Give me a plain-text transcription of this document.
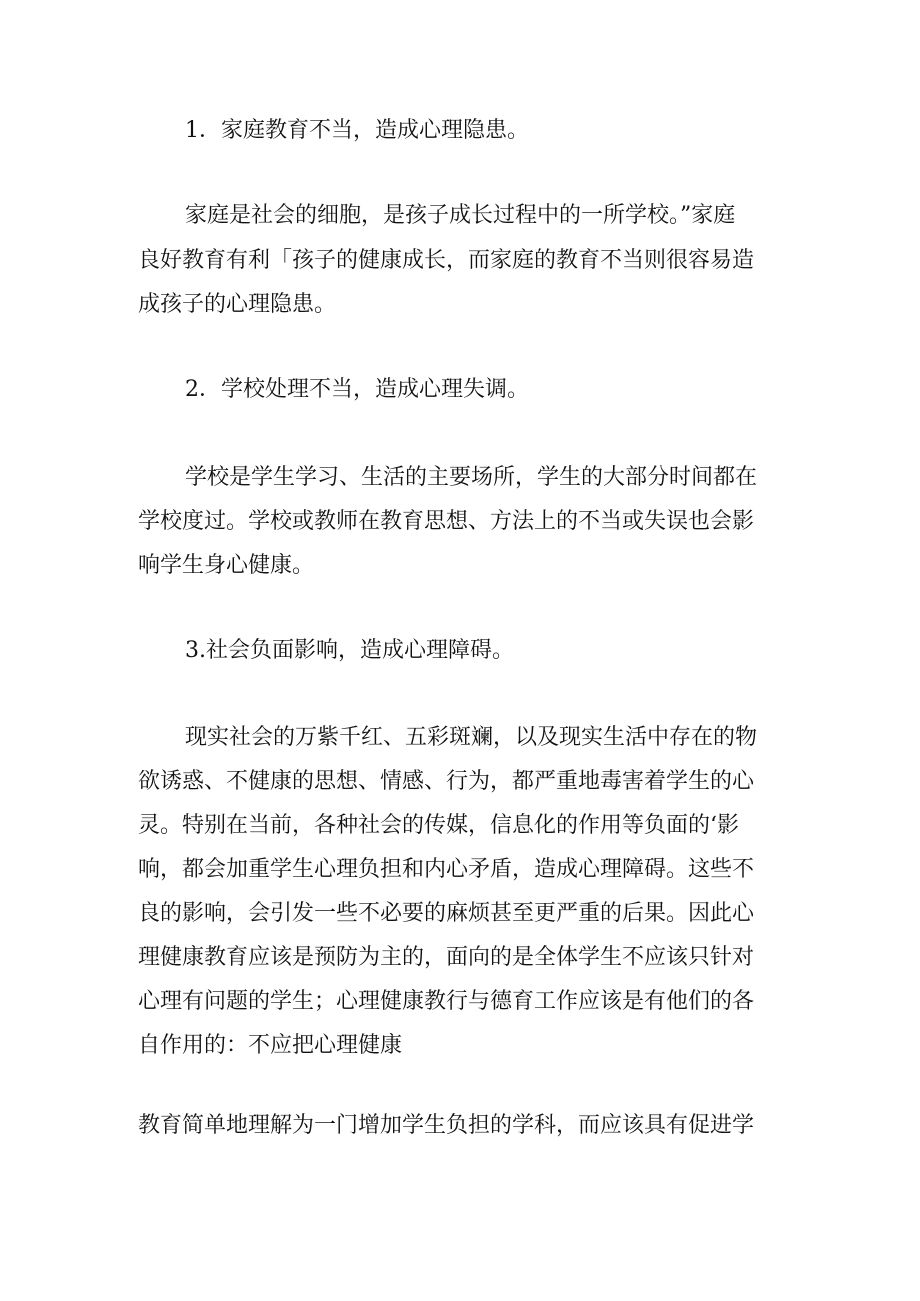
1．家庭教育不当，造成心理隐患。
家庭是社会的细胞，是孩子成长过程中的一所学校。”家庭
良好教育有利「孩子的健康成长，而家庭的教育不当则很容易造
成孩子的心理隐患。
2．学校处理不当，造成心理失调。
学校是学生学习、生活的主要场所，学生的大部分时间都在
学校度过。学校或教师在教育思想、方法上的不当或失误也会影
响学生身心健康。
3.社会负面影响，造成心理障碍。
现实社会的万紫千红、五彩斑斓，以及现实生活中存在的物
欲诱惑、不健康的思想、情感、行为，都严重地毒害着学生的心
灵。特别在当前，各种社会的传媒，信息化的作用等负面的‘影
响，都会加重学生心理负担和内心矛盾，造成心理障碍。这些不
良的影响，会引发一些不必要的麻烦甚至更严重的后果。因此心
理健康教育应该是预防为主的，面向的是全体学生不应该只针对
心理有问题的学生；心理健康教行与德育工作应该是有他们的各
自作用的：不应把心理健康
教育简单地理解为一门增加学生负担的学科，而应该具有促进学
